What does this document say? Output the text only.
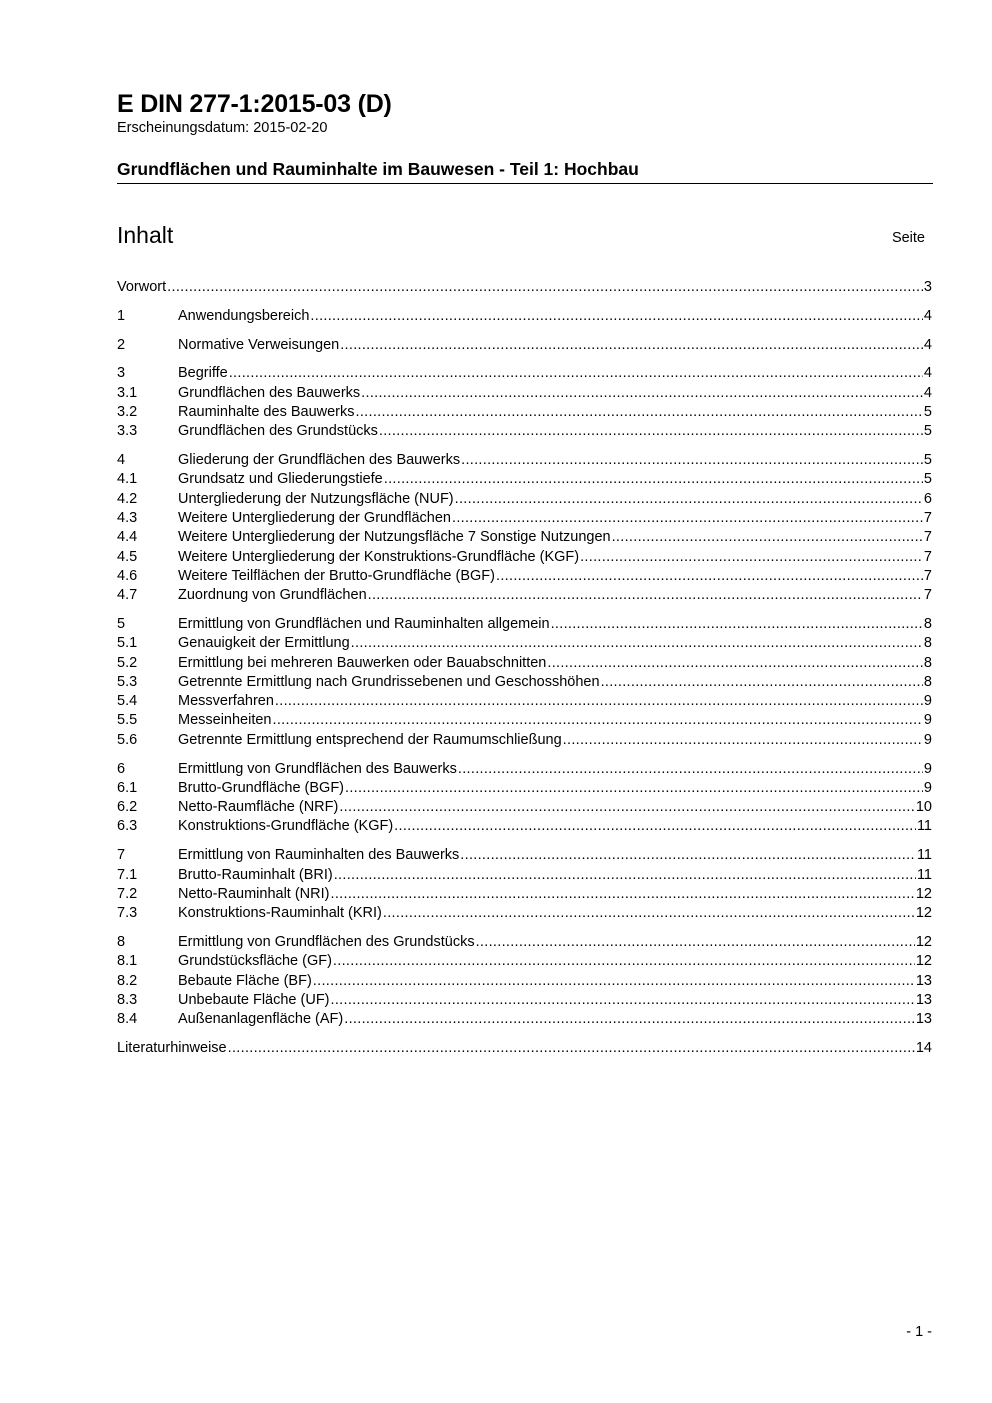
E DIN 277-1:2015-03 (D)
Erscheinungsdatum: 2015-02-20
Grundflächen und Rauminhalte im Bauwesen - Teil 1: Hochbau
Inhalt	Seite
Vorwort .....	3
1	Anwendungsbereich .....	4
2	Normative Verweisungen .....	4
3	Begriffe .....	4
3.1	Grundflächen des Bauwerks .....	4
3.2	Rauminhalte des Bauwerks .....	5
3.3	Grundflächen des Grundstücks .....	5
4	Gliederung der Grundflächen des Bauwerks .....	5
4.1	Grundsatz und Gliederungstiefe .....	5
4.2	Untergliederung der Nutzungsfläche (NUF) .....	6
4.3	Weitere Untergliederung der Grundflächen .....	7
4.4	Weitere Untergliederung der Nutzungsfläche 7 Sonstige Nutzungen .....	7
4.5	Weitere Untergliederung der Konstruktions-Grundfläche (KGF) .....	7
4.6	Weitere Teilflächen der Brutto-Grundfläche (BGF) .....	7
4.7	Zuordnung von Grundflächen .....	7
5	Ermittlung von Grundflächen und Rauminhalten allgemein .....	8
5.1	Genauigkeit der Ermittlung .....	8
5.2	Ermittlung bei mehreren Bauwerken oder Bauabschnitten .....	8
5.3	Getrennte Ermittlung nach Grundrissebenen und Geschosshöhen .....	8
5.4	Messverfahren .....	9
5.5	Messeinheiten .....	9
5.6	Getrennte Ermittlung entsprechend der Raumumschließung .....	9
6	Ermittlung von Grundflächen des Bauwerks .....	9
6.1	Brutto-Grundfläche (BGF) .....	9
6.2	Netto-Raumfläche (NRF) .....	10
6.3	Konstruktions-Grundfläche (KGF) .....	11
7	Ermittlung von Rauminhalten des Bauwerks .....	11
7.1	Brutto-Rauminhalt (BRI) .....	11
7.2	Netto-Rauminhalt (NRI) .....	12
7.3	Konstruktions-Rauminhalt (KRI) .....	12
8	Ermittlung von Grundflächen des Grundstücks .....	12
8.1	Grundstücksfläche (GF) .....	12
8.2	Bebaute Fläche (BF) .....	13
8.3	Unbebaute Fläche (UF) .....	13
8.4	Außenanlagenfläche (AF) .....	13
Literaturhinweise .....	14
- 1 -
